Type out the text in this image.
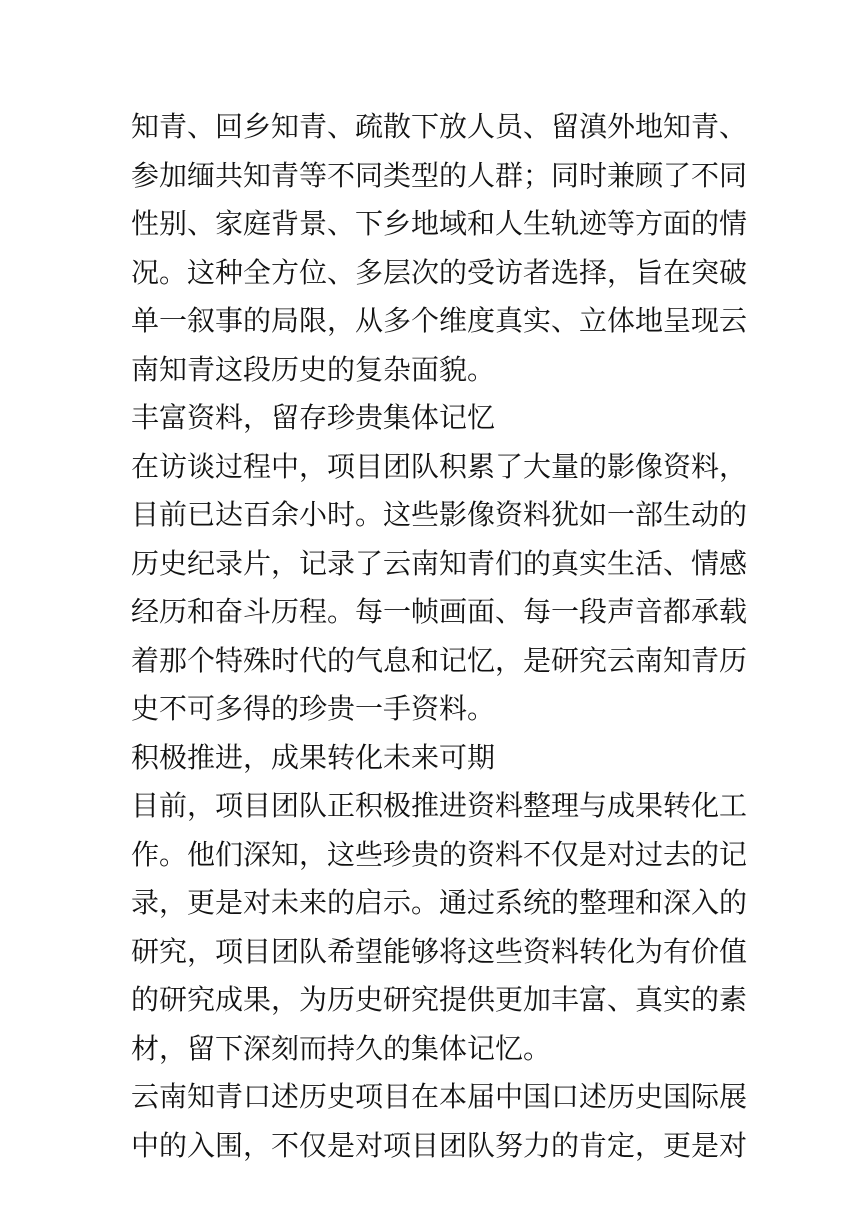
知青、回乡知青、疏散下放人员、留滇外地知青、
参加缅共知青等不同类型的人群；同时兼顾了不同
性别、家庭背景、下乡地域和人生轨迹等方面的情
况。这种全方位、多层次的受访者选择，旨在突破
单一叙事的局限，从多个维度真实、立体地呈现云
南知青这段历史的复杂面貌。

丰富资料，留存珍贵集体记忆

在访谈过程中，项目团队积累了大量的影像资料，
目前已达百余小时。这些影像资料犹如一部生动的
历史纪录片，记录了云南知青们的真实生活、情感
经历和奋斗历程。每一帧画面、每一段声音都承载
着那个特殊时代的气息和记忆，是研究云南知青历
史不可多得的珍贵一手资料。

积极推进，成果转化未来可期

目前，项目团队正积极推进资料整理与成果转化工
作。他们深知，这些珍贵的资料不仅是对过去的记
录，更是对未来的启示。通过系统的整理和深入的
研究，项目团队希望能够将这些资料转化为有价值
的研究成果，为历史研究提供更加丰富、真实的素
材，留下深刻而持久的集体记忆。

云南知青口述历史项目在本届中国口述历史国际展
中的入围，不仅是对项目团队努力的肯定，更是对
